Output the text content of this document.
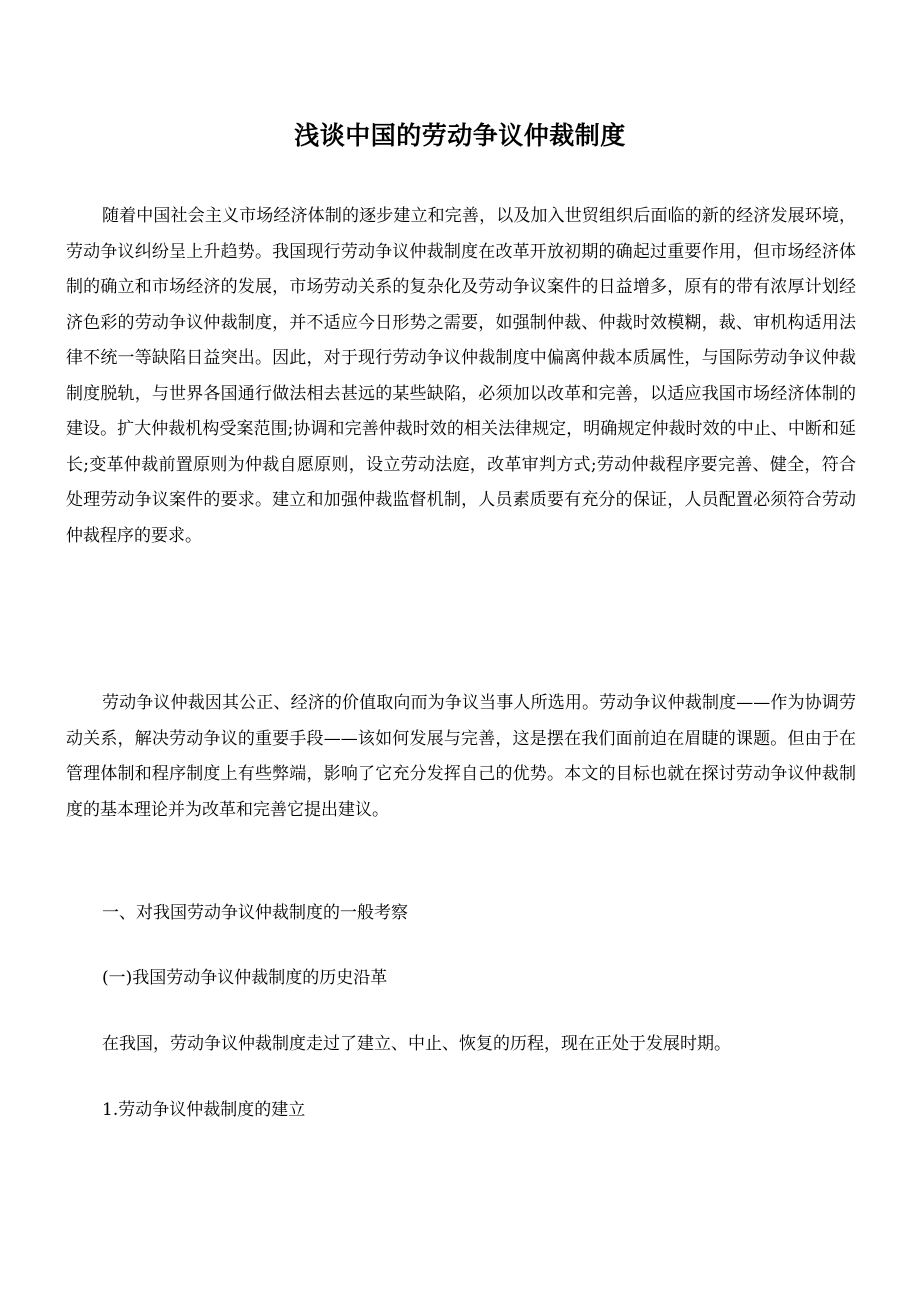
浅谈中国的劳动争议仲裁制度

随着中国社会主义市场经济体制的逐步建立和完善，以及加入世贸组织后面临的新的经济发展环境，劳动争议纠纷呈上升趋势。我国现行劳动争议仲裁制度在改革开放初期的确起过重要作用，但市场经济体制的确立和市场经济的发展，市场劳动关系的复杂化及劳动争议案件的日益增多，原有的带有浓厚计划经济色彩的劳动争议仲裁制度，并不适应今日形势之需要，如强制仲裁、仲裁时效模糊，裁、审机构适用法律不统一等缺陷日益突出。因此，对于现行劳动争议仲裁制度中偏离仲裁本质属性，与国际劳动争议仲裁制度脱轨，与世界各国通行做法相去甚远的某些缺陷，必须加以改革和完善，以适应我国市场经济体制的建设。扩大仲裁机构受案范围;协调和完善仲裁时效的相关法律规定，明确规定仲裁时效的中止、中断和延长;变革仲裁前置原则为仲裁自愿原则，设立劳动法庭，改革审判方式;劳动仲裁程序要完善、健全，符合处理劳动争议案件的要求。建立和加强仲裁监督机制，人员素质要有充分的保证，人员配置必须符合劳动仲裁程序的要求。

劳动争议仲裁因其公正、经济的价值取向而为争议当事人所选用。劳动争议仲裁制度——作为协调劳动关系，解决劳动争议的重要手段——该如何发展与完善，这是摆在我们面前迫在眉睫的课题。但由于在管理体制和程序制度上有些弊端，影响了它充分发挥自己的优势。本文的目标也就在探讨劳动争议仲裁制度的基本理论并为改革和完善它提出建议。

一、对我国劳动争议仲裁制度的一般考察

(一)我国劳动争议仲裁制度的历史沿革

在我国，劳动争议仲裁制度走过了建立、中止、恢复的历程，现在正处于发展时期。

1.劳动争议仲裁制度的建立
